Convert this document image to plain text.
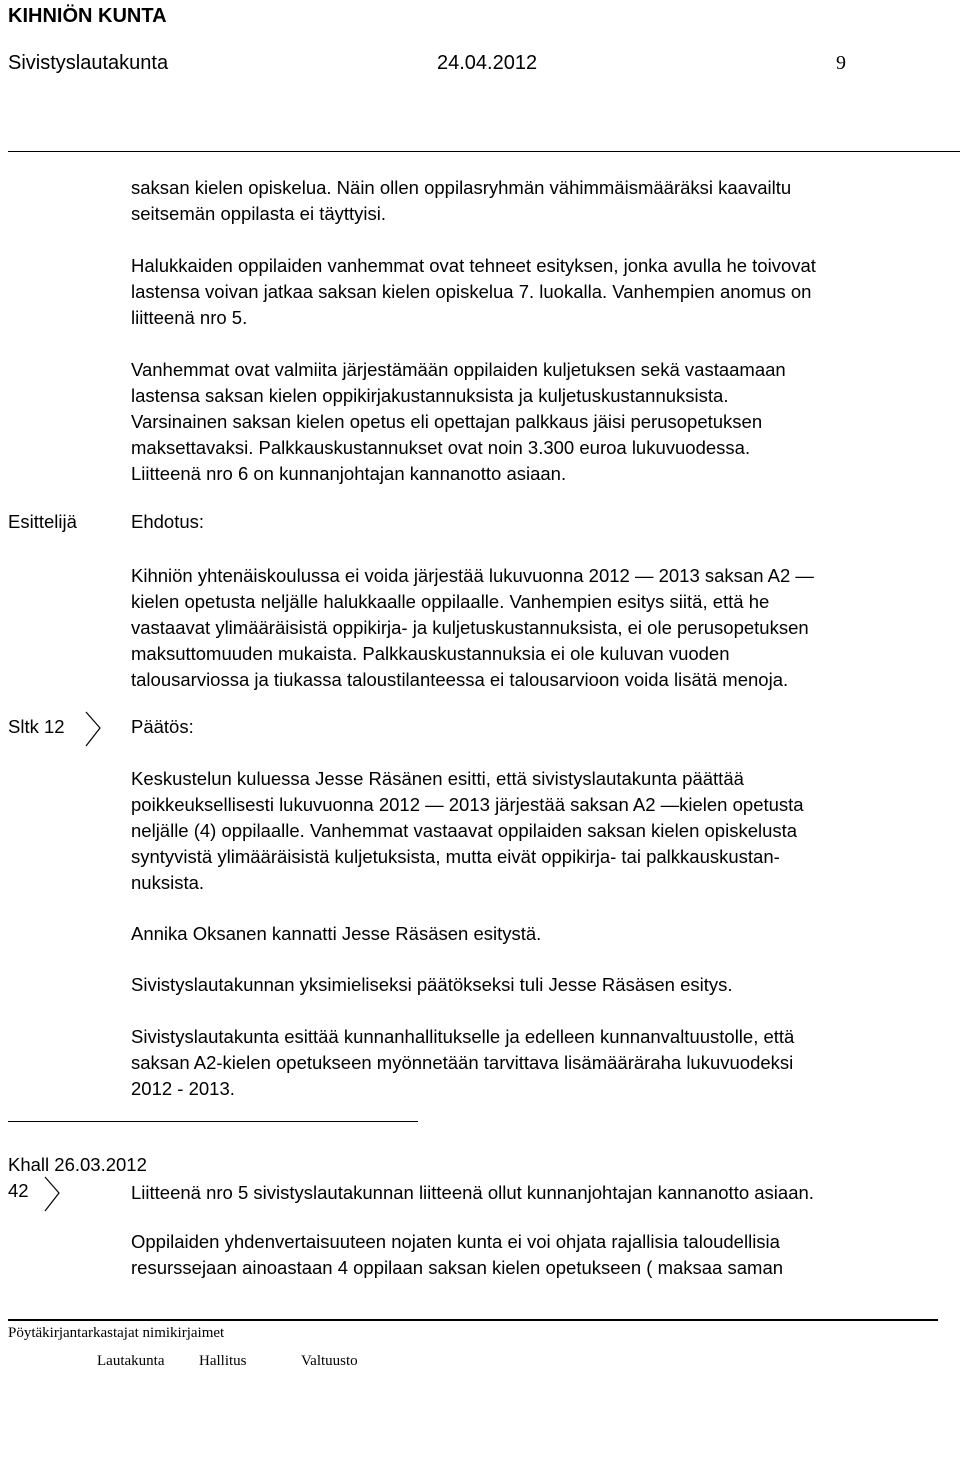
KIHNIÖN KUNTA
Sivistyslautakunta	24.04.2012	9
saksan kielen opiskelua. Näin ollen oppilasryhmän vähimmäismääräksi kaavailtu
seitsemän oppilasta ei täyttyisi.
Halukkaiden oppilaiden vanhemmat ovat tehneet esityksen, jonka avulla he toivovat
lastensa voivan jatkaa saksan kielen opiskelua 7. luokalla. Vanhempien anomus on
liitteenä nro 5.
Vanhemmat ovat valmiita järjestämään oppilaiden kuljetuksen sekä vastaamaan
lastensa saksan kielen oppikirjakustannuksista ja kuljetuskustannuksista.
Varsinainen saksan kielen opetus eli opettajan palkkaus jäisi perusopetuksen
maksettavaksi. Palkkauskustannukset ovat noin 3.300 euroa lukuvuodessa.
Liitteenä nro 6 on kunnanjohtajan kannanotto asiaan.
Esittelijä	Ehdotus:
Kihniön yhtenäiskoulussa ei voida järjestää lukuvuonna 2012 — 2013 saksan A2 —
kielen opetusta neljälle halukkaalle oppilaalle. Vanhempien esitys siitä, että he
vastaavat ylimääräisistä oppikirja- ja kuljetuskustannuksista, ei ole perusopetuksen
maksuttomuuden mukaista. Palkkauskustannuksia ei ole kuluvan vuoden
talousarviossa ja tiukassa taloustilanteessa ei talousarvioon voida lisätä menoja.
Sltk 12	Päätös:
Keskustelun kuluessa Jesse Räsänen esitti, että sivistyslautakunta päättää
poikkeuksellisesti lukuvuonna 2012 — 2013 järjestää saksan A2 —kielen opetusta
neljälle (4) oppilaalle. Vanhemmat vastaavat oppilaiden saksan kielen opiskelusta
syntyvistä ylimääräisistä kuljetuksista, mutta eivät oppikirja- tai palkkauskustan-
nuksista.
Annika Oksanen kannatti Jesse Räsäsen esitystä.
Sivistyslautakunnan yksimieliseksi päätökseksi tuli Jesse Räsäsen esitys.
Sivistyslautakunta esittää kunnanhallitukselle ja edelleen kunnanvaltuustolle, että
saksan A2-kielen opetukseen myönnetään tarvittava lisämääräraha lukuvuodeksi
2012 - 2013.
Khall 26.03.2012
42	Liitteenä nro 5 sivistyslautakunnan liitteenä ollut kunnanjohtajan kannanotto asiaan.
Oppilaiden yhdenvertaisuuteen nojaten kunta ei voi ohjata rajallisia taloudellisia
resurssejaan ainoastaan 4 oppilaan saksan kielen opetukseen ( maksaa saman
Pöytäkirjantarkastajat nimikirjaimet
Lautakunta Hallitus	Valtuusto
